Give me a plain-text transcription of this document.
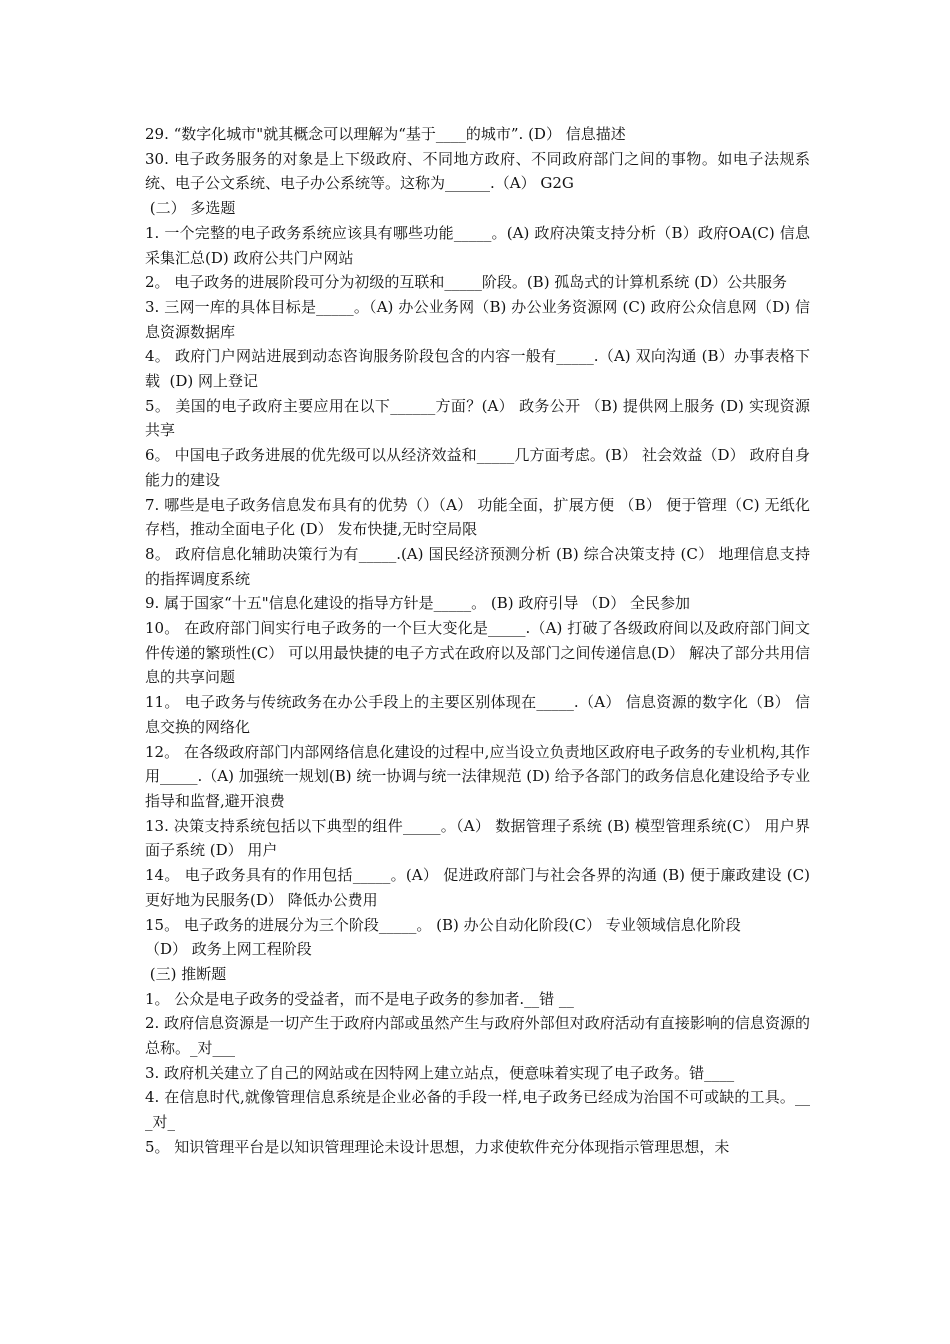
29. “数字化城市"就其概念可以理解为“基于____的城市”. (D） 信息描述

30. 电子政务服务的对象是上下级政府、不同地方政府、不同政府部门之间的事物。如电子法规系统、电子公文系统、电子办公系统等。这称为______.（A） G2G

(二） 多选题

1. 一个完整的电子政务系统应该具有哪些功能_____。(A) 政府决策支持分析（B）政府OA(C) 信息采集汇总(D) 政府公共门户网站

2。 电子政务的进展阶段可分为初级的互联和_____阶段。(B) 孤岛式的计算机系统 (D）公共服务

3. 三网一库的具体目标是_____。（A) 办公业务网（B) 办公业务资源网 (C) 政府公众信息网（D) 信息资源数据库

4。 政府门户网站进展到动态咨询服务阶段包含的内容一般有_____.（A) 双向沟通 (B）办事表格下载  (D) 网上登记

5。 美国的电子政府主要应用在以下______方面？(A） 政务公开 （B) 提供网上服务 (D) 实现资源共享

6。 中国电子政务进展的优先级可以从经济效益和_____几方面考虑。(B） 社会效益（D） 政府自身能力的建设

7. 哪些是电子政务信息发布具有的优势（）（A） 功能全面，扩展方便 （B） 便于管理（C) 无纸化存档，推动全面电子化 (D） 发布快捷,无时空局限

8。 政府信息化辅助决策行为有_____.(A) 国民经济预测分析 (B) 综合决策支持 (C） 地理信息支持的指挥调度系统

9. 属于国家“十五"信息化建设的指导方针是_____。 (B) 政府引导 （D） 全民参加

10。 在政府部门间实行电子政务的一个巨大变化是_____.（A) 打破了各级政府间以及政府部门间文件传递的繁琐性(C） 可以用最快捷的电子方式在政府以及部门之间传递信息(D） 解决了部分共用信息的共享问题

11。 电子政务与传统政务在办公手段上的主要区别体现在_____.（A） 信息资源的数字化（B） 信息交换的网络化

12。 在各级政府部门内部网络信息化建设的过程中,应当设立负责地区政府电子政务的专业机构,其作用_____.（A) 加强统一规划(B) 统一协调与统一法律规范 (D) 给予各部门的政务信息化建设给予专业指导和监督,避开浪费

13. 决策支持系统包括以下典型的组件_____。（A） 数据管理子系统 (B) 模型管理系统(C） 用户界面子系统 (D） 用户

14。 电子政务具有的作用包括_____。(A） 促进政府部门与社会各界的沟通 (B) 便于廉政建设 (C) 更好地为民服务(D） 降低办公费用

15。 电子政务的进展分为三个阶段_____。 (B) 办公自动化阶段(C） 专业领域信息化阶段

（D） 政务上网工程阶段

(三) 推断题

1。 公众是电子政务的受益者，而不是电子政务的参加者.__错 __

2. 政府信息资源是一切产生于政府内部或虽然产生与政府外部但对政府活动有直接影响的信息资源的总称。_对___

3. 政府机关建立了自己的网站或在因特网上建立站点，便意味着实现了电子政务。错____

4. 在信息时代,就像管理信息系统是企业必备的手段一样,电子政务已经成为治国不可或缺的工具。___对_

5。 知识管理平台是以知识管理理论未设计思想，力求使软件充分体现指示管理思想，未
